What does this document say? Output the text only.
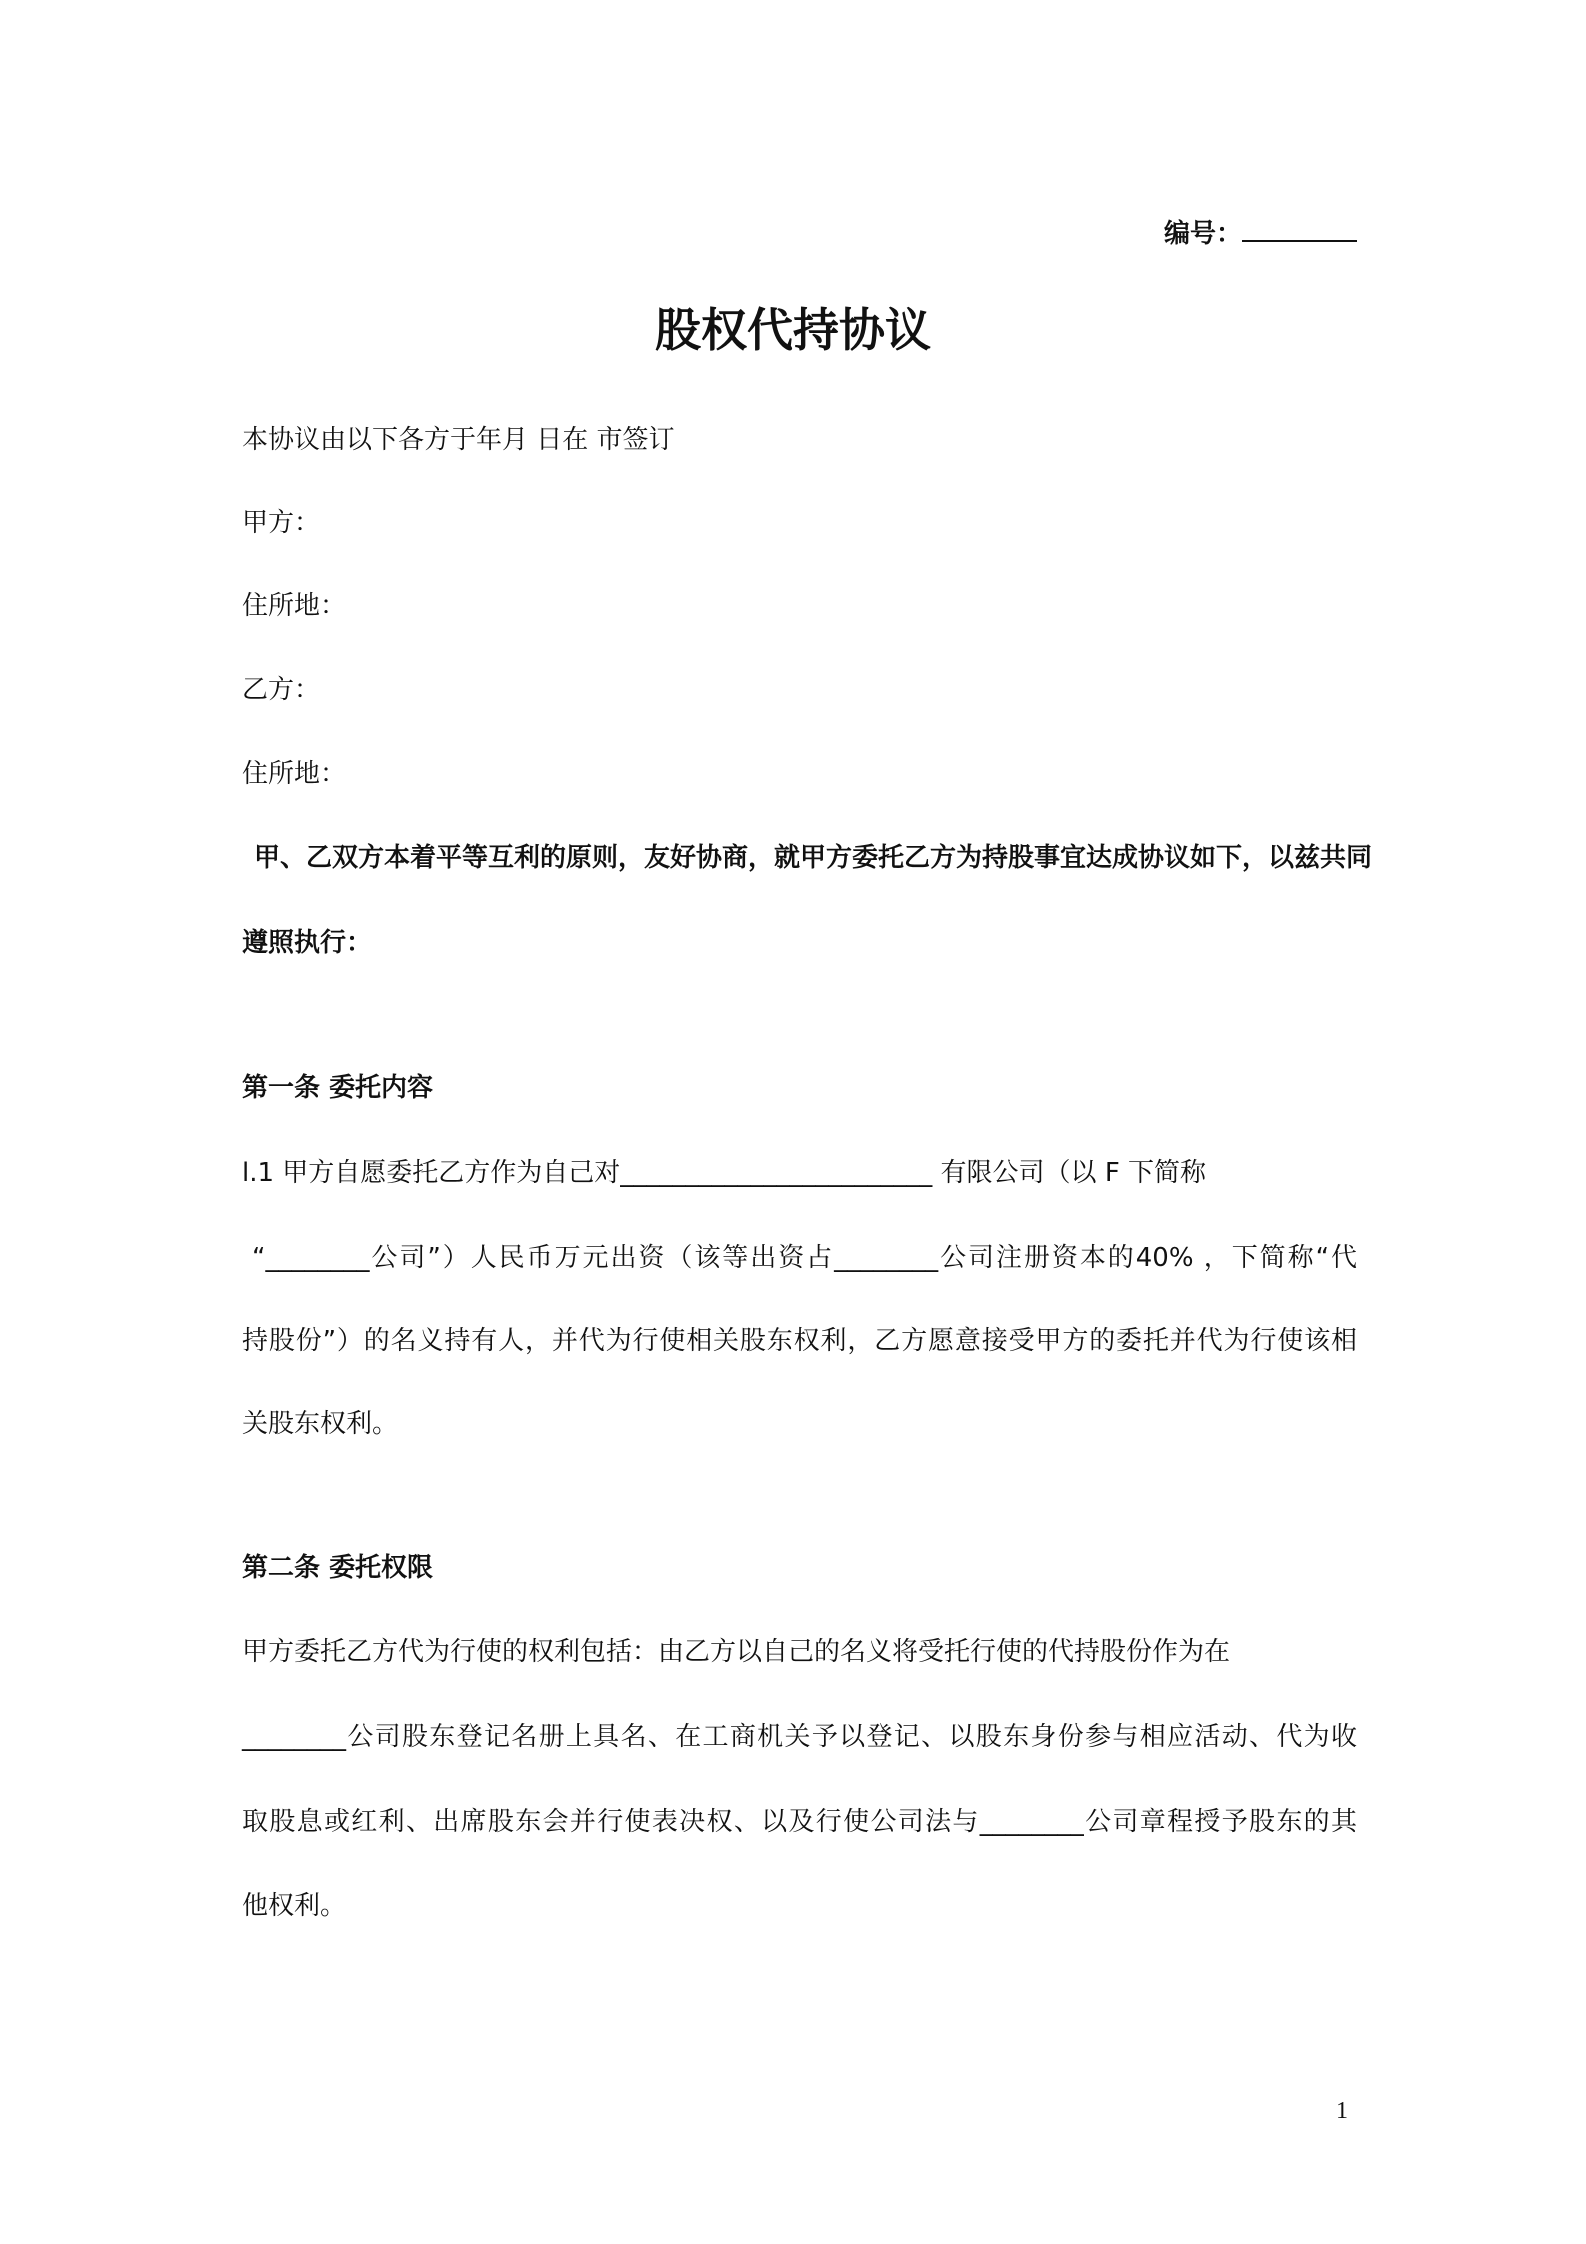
编号：
股权代持协议
本协议由以下各方于年月 日在 市签订
甲方：
住所地：
乙方：
住所地：
甲、乙双方本着平等互利的原则，友好协商，就甲方委托乙方为持股事宜达成协议如下，以兹共同
遵照执行：
第一条 委托内容
l.1 甲方自愿委托乙方作为自己对________________________ 有限公司（以 F 下简称
“________公司”）人民币万元出资（该等出资占________公司注册资本的40% ，下简称“代
持股份”）的名义持有人，并代为行使相关股东权利，乙方愿意接受甲方的委托并代为行使该相
关股东权利。
第二条 委托权限
甲方委托乙方代为行使的权利包括：由乙方以自己的名义将受托行使的代持股份作为在
________公司股东登记名册上具名、在工商机关予以登记、以股东身份参与相应活动、代为收
取股息或红利、出席股东会并行使表决权、以及行使公司法与________公司章程授予股东的其
他权利。
1
